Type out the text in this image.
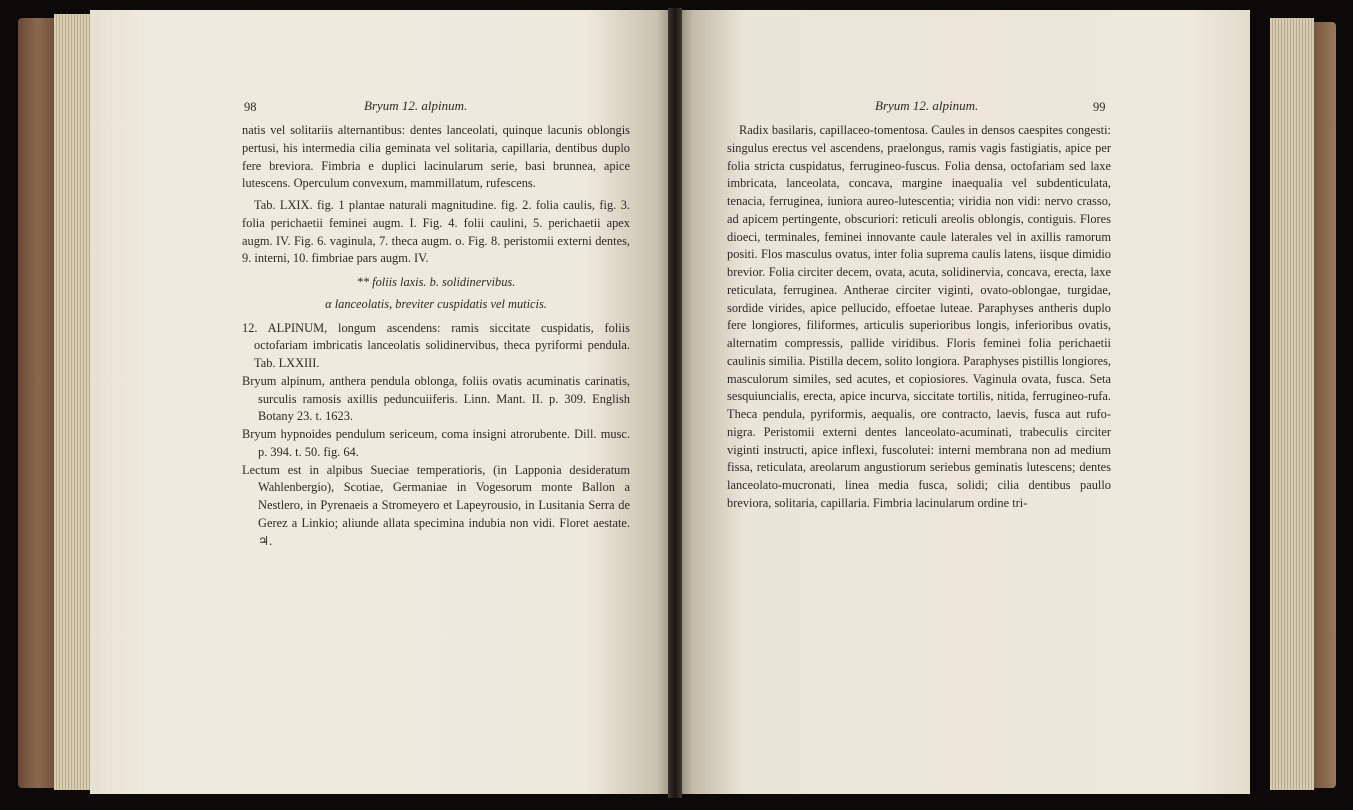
98	Bryum 12. alpinum.

natis vel solitariis alternantibus: dentes lanceolati, quinque lacunis oblongis pertusi, his intermedia cilia geminata vel solitaria, capillaria, dentibus duplo fere breviora. Fimbria e duplici lacinularum serie, basi brunnea, apice lutescens. Operculum convexum, mammillatum, rufescens.

Tab. LXIX. fig. 1 plantae naturali magnitudine. fig. 2. folia caulis, fig. 3. folia perichaetii feminei augm. I. Fig. 4. folii caulini, 5. perichaetii apex augm. IV. Fig. 6. vaginula, 7. theca augm. o. Fig. 8. peristomii externi dentes, 9. interni, 10. fimbriae pars augm. IV.

** foliis laxis. b. solidinervibus.

α lanceolatis, breviter cuspidatis vel muticis.

12. ALPINUM, longum ascendens: ramis siccitate cuspidatis, foliis octofariam imbricatis lanceolatis solidinervibus, theca pyriformi pendula. Tab. LXXIII.

Bryum alpinum, anthera pendula oblonga, foliis ovatis acuminatis carinatis, surculis ramosis axillis peduncuiiferis. Linn. Mant. II. p. 309. English Botany 23. t. 1623.

Bryum hypnoides pendulum sericeum, coma insigni atrorubente. Dill. musc. p. 394. t. 50. fig. 64.

Lectum est in alpibus Sueciae temperatioris, (in Lapponia desideratum Wahlenbergio), Scotiae, Germaniae in Vogesorum monte Ballon a Nestlero, in Pyrenaeis a Stromeyero et Lapeyrousio, in Lusitania Serra de Gerez a Linkio; aliunde allata specimina indubia non vidi. Floret aestate. ♃.

Bryum 12. alpinum.	99

Radix basilaris, capillaceo-tomentosa. Caules in densos caespites congesti: singulus erectus vel ascendens, praelongus, ramis vagis fastigiatis, apice per folia stricta cuspidatus, ferrugineo-fuscus. Folia densa, octofariam sed laxe imbricata, lanceolata, concava, margine inaequalia vel subdenticulata, tenacia, ferruginea, iuniora aureo-lutescentia; viridia non vidi: nervo crasso, ad apicem pertingente, obscuriori: reticuli areolis oblongis, contiguis. Flores dioeci, terminales, feminei innovante caule laterales vel in axillis ramorum positi. Flos masculus ovatus, inter folia suprema caulis latens, iisque dimidio brevior. Folia circiter decem, ovata, acuta, solidinervia, concava, erecta, laxe reticulata, ferruginea. Antherae circiter viginti, ovato-oblongae, turgidae, sordide virides, apice pellucido, effoetae luteae. Paraphyses antheris duplo fere longiores, filiformes, articulis superioribus longis, inferioribus ovatis, alternatim compressis, pallide viridibus. Floris feminei folia perichaetii caulinis similia. Pistilla decem, solito longiora. Paraphyses pistillis longiores, masculorum similes, sed acutes, et copiosiores. Vaginula ovata, fusca. Seta sesquiuncialis, erecta, apice incurva, siccitate tortilis, nitida, ferrugineo-rufa. Theca pendula, pyriformis, aequalis, ore contracto, laevis, fusca aut rufo-nigra. Peristomii externi dentes lanceolato-acuminati, trabeculis circiter viginti instructi, apice inflexi, fuscolutei: interni membrana non ad medium fissa, reticulata, areolarum angustiorum seriebus geminatis lutescens; dentes lanceolato-mucronati, linea media fusca, solidi; cilia dentibus paullo breviora, solitaria, capillaria. Fimbria lacinularum ordine tri-
